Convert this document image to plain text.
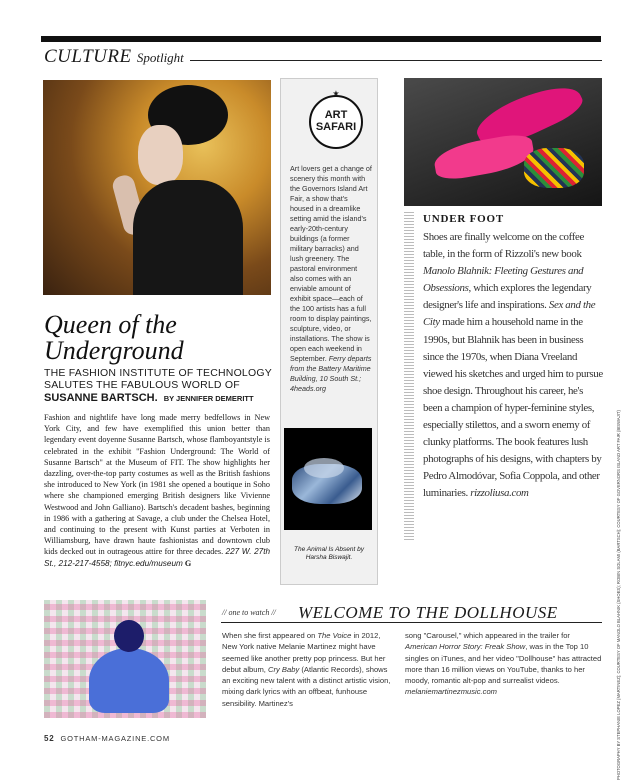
CULTURE Spotlight
Queen of the
Underground
THE FASHION INSTITUTE OF TECHNOLOGY
SALUTES THE FABULOUS WORLD OF
SUSANNE BARTSCH. BY JENNIFER DEMERITT
Fashion and nightlife have long made merry bedfellows in New York City, and few have exemplified this union better than legendary event doyenne Susanne Bartsch, whose flamboyantstyle is celebrated in the exhibit "Fashion Underground: The World of Susanne Bartsch" at the Museum of FIT. The show highlights her dazzling, over-the-top party costumes as well as the British fashions she introduced to New York (in 1981 she opened a boutique in Soho where she championed emerging British designers like Vivienne Westwood and John Galliano). Bartsch's decadent bashes, beginning in 1986 with a gathering at Savage, a club under the Chelsea Hotel, and continuing to the present with Kunst parties at Verboten in Williamsburg, have drawn haute fashionistas and downtown club kids decked out in outrageous attire for three decades. 227 W. 27th St., 212-217-4558; fitnyc.edu/museum G
★
ART
SAFARI
Art lovers get a change of scenery this month with the Governors Island Art Fair, a show that's housed in a dreamlike setting amid the island's early-20th-century buildings (a former military barracks) and lush greenery. The pastoral environment also comes with an enviable amount of exhibit space—each of the 100 artists has a full room to display paintings, sculpture, video, or installations. The show is open each weekend in September. Ferry departs from the Battery Maritime Building, 10 South St.; 4heads.org
The Animal Is Absent by
Harsha Biswajit.
UNDER FOOT
Shoes are finally welcome on the coffee table, in the form of Rizzoli's new book Manolo Blahnik: Fleeting Gestures and Obsessions, which explores the legendary designer's life and inspirations. Sex and the City made him a household name in the 1990s, but Blahnik has been in business since the 1970s, when Diana Vreeland viewed his sketches and urged him to pursue shoe design. Throughout his career, he's been a champion of hyper-feminine styles, especially stilettos, and a sworn enemy of clunky platforms. The book features lush photographs of his designs, with chapters by Pedro Almodóvar, Sofia Coppola, and other luminaries. rizzoliusa.com	PHOTOGRAPHY BY STEPHANIE LOPEZ (MARTINEZ); COURTESY OF MANOLO BLAHNIK (SHOES); ROBIN SOLAMI (BARTSCH); COURTESY OF GOVERNORS ISLAND ART FAIR (BISWAJIT)
// one to watch // WELCOME TO THE DOLLHOUSE
When she first appeared on The Voice in 2012, New York native Melanie Martinez might have seemed like another pretty pop princess. But her debut album, Cry Baby (Atlantic Records), shows an exciting new talent with a distinct artistic vision, mixing dark lyrics with an offbeat, funhouse sensibility. Martinez's
song "Carousel," which appeared in the trailer for American Horror Story: Freak Show, was in the Top 10 singles on iTunes, and her video "Dollhouse" has attracted more than 16 million views on YouTube, thanks to her moody, romantic alt-pop and surrealist videos. melaniemartinezmusic.com
52 GOTHAM-MAGAZINE.COM
